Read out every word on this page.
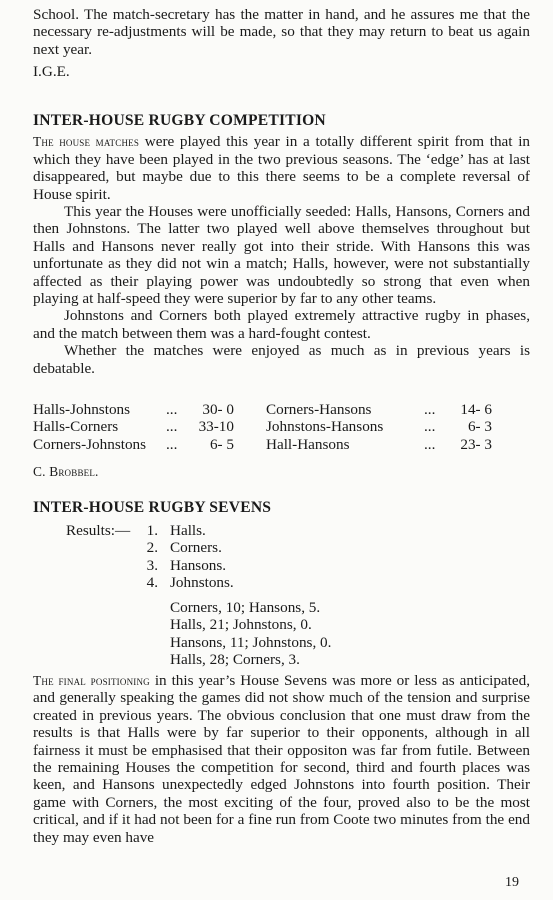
School. The match-secretary has the matter in hand, and he assures me that the necessary re-adjustments will be made, so that they may return to beat us again next year.

I.G.E.

INTER-HOUSE RUGBY COMPETITION

The house matches were played this year in a totally different spirit from that in which they have been played in the two previous seasons. The ‘edge’ has at last disappeared, but maybe due to this there seems to be a complete reversal of House spirit.

This year the Houses were unofficially seeded: Halls, Hansons, Corners and then Johnstons. The latter two played well above themselves throughout but Halls and Hansons never really got into their stride. With Hansons this was unfortunate as they did not win a match; Halls, however, were not substantially affected as their playing power was undoubtedly so strong that even when playing at half-speed they were superior by far to any other teams.

Johnstons and Corners both played extremely attractive rugby in phases, and the match between them was a hard-fought contest.

Whether the matches were enjoyed as much as in previous years is debatable.

Halls-Johnstons	...	30- 0	Corners-Hansons	...	14- 6
Halls-Corners	...	33-10	Johnstons-Hansons	...	6- 3
Corners-Johnstons	...	6- 5	Hall-Hansons	...	23- 3

C. Brobbel.

INTER-HOUSE RUGBY SEVENS
Results:—	1. Halls.
2. Corners.
3. Hansons.
4. Johnstons.
Corners, 10; Hansons, 5.
Halls, 21; Johnstons, 0.
Hansons, 11; Johnstons, 0.
Halls, 28; Corners, 3.

The final positioning in this year’s House Sevens was more or less as anticipated, and generally speaking the games did not show much of the tension and surprise created in previous years. The obvious conclusion that one must draw from the results is that Halls were by far superior to their opponents, although in all fairness it must be emphasised that their oppositon was far from futile. Between the remaining Houses the competition for second, third and fourth places was keen, and Hansons unexpectedly edged Johnstons into fourth position. Their game with Corners, the most exciting of the four, proved also to be the most critical, and if it had not been for a fine run from Coote two minutes from the end they may even have

19
